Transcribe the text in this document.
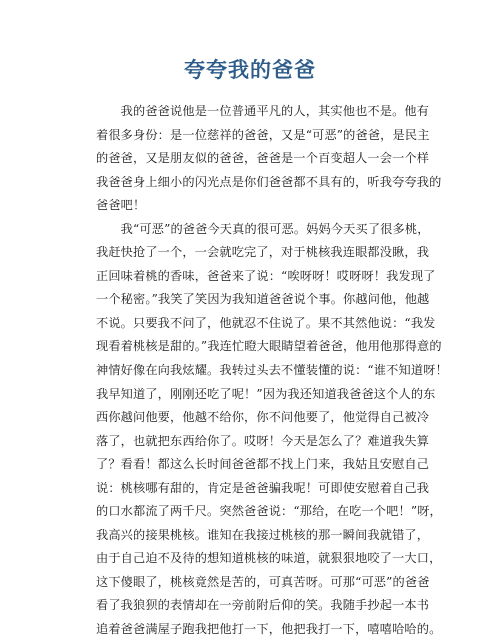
夸夸我的爸爸
　　我的爸爸说他是一位普通平凡的人，其实他也不是。他有
着很多身份：是一位慈祥的爸爸，又是“可恶”的爸爸，是民主
的爸爸，又是朋友似的爸爸，爸爸是一个百变超人一会一个样
我爸爸身上细小的闪光点是你们爸爸都不具有的，听我夸夸我的
爸爸吧！
　　我“可恶”的爸爸今天真的很可恶。妈妈今天买了很多桃，
我赶快抢了一个，一会就吃完了，对于桃核我连眼都没瞅，我
正回味着桃的香味，爸爸来了说：“唉呀呀！哎呀呀！我发现了
一个秘密。”我笑了笑因为我知道爸爸说个事。你越问他，他越
不说。只要我不问了，他就忍不住说了。果不其然他说：“我发
现看着桃核是甜的。”我连忙瞪大眼睛望着爸爸，他用他那得意的
神情好像在向我炫耀。我转过头去不懂装懂的说：“谁不知道呀！
我早知道了，刚刚还吃了呢！”因为我还知道我爸爸这个人的东
西你越问他要，他越不给你，你不问他要了，他觉得自己被冷
落了，也就把东西给你了。哎呀！今天是怎么了？难道我失算
了？看看！都这么长时间爸爸都不找上门来，我姑且安慰自己
说：桃核哪有甜的，肯定是爸爸骗我呢！可即使安慰着自己我
的口水都流了两千尺。突然爸爸说：“那给，在吃一个吧！”呀，
我高兴的接果桃核。谁知在我接过桃核的那一瞬间我就错了，
由于自己迫不及待的想知道桃核的味道，就狠狠地咬了一大口，
这下傻眼了，桃核竟然是苦的，可真苦呀。可那“可恶”的爸爸
看了我狼狈的表情却在一旁前附后仰的笑。我随手抄起一本书
追着爸爸满屋子跑我把他打一下，他把我打一下，嘻嘻哈哈的。
